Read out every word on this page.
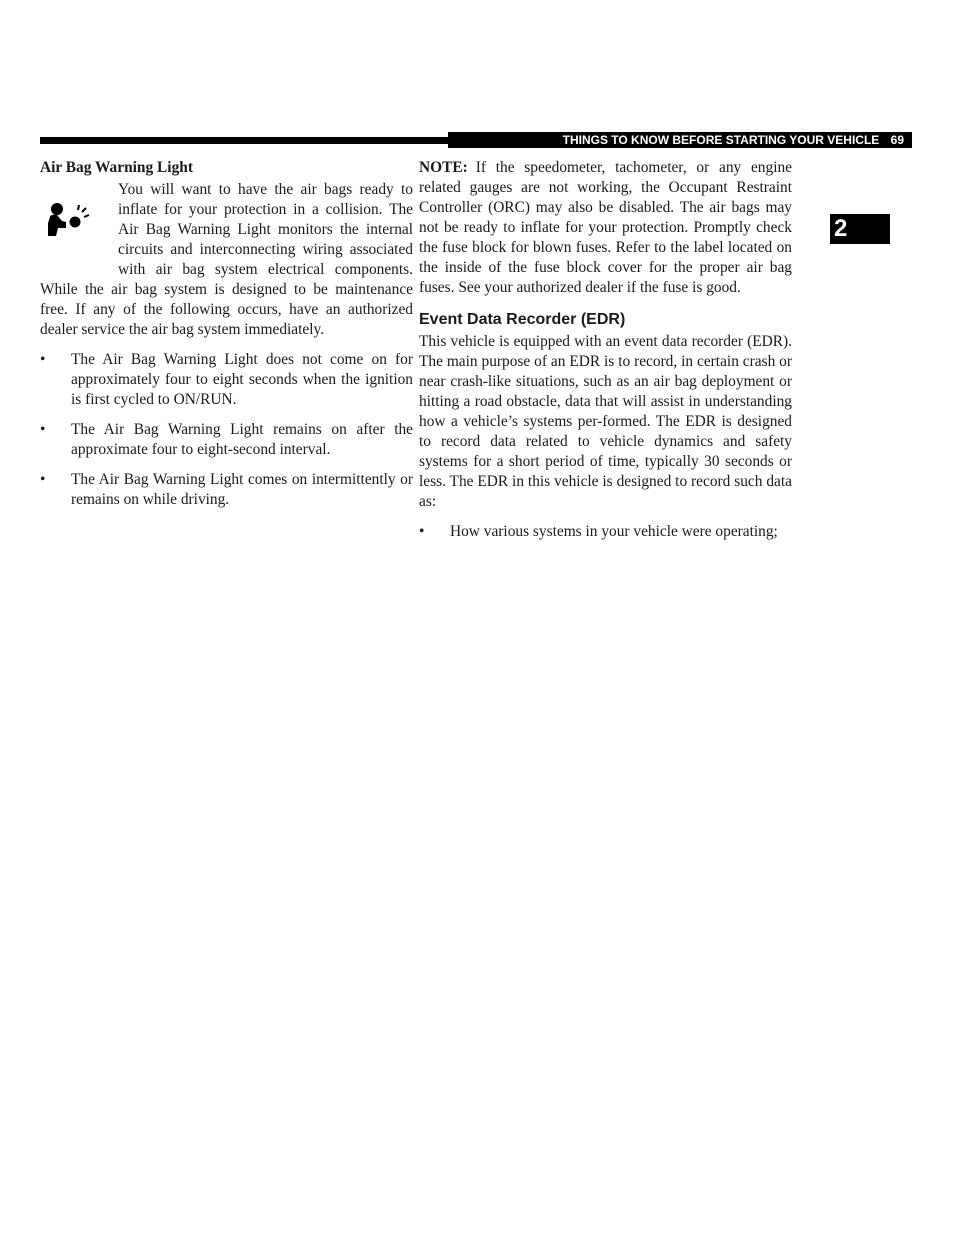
THINGS TO KNOW BEFORE STARTING YOUR VEHICLE 69
2

Air Bag Warning Light

You will want to have the air bags ready to inflate for your protection in a collision. The Air Bag Warning Light monitors the internal circuits and interconnecting wiring associated with air bag system electrical components. While the air bag system is designed to be maintenance free. If any of the following occurs, have an authorized dealer service the air bag system immediately.

•	The Air Bag Warning Light does not come on for approximately four to eight seconds when the ignition is first cycled to ON/RUN.
•	The Air Bag Warning Light remains on after the approximate four to eight-second interval.
•	The Air Bag Warning Light comes on intermittently or remains on while driving.

NOTE: If the speedometer, tachometer, or any engine related gauges are not working, the Occupant Restraint Controller (ORC) may also be disabled. The air bags may not be ready to inflate for your protection. Promptly check the fuse block for blown fuses. Refer to the label located on the inside of the fuse block cover for the proper air bag fuses. See your authorized dealer if the fuse is good.

Event Data Recorder (EDR)

This vehicle is equipped with an event data recorder (EDR). The main purpose of an EDR is to record, in certain crash or near crash-like situations, such as an air bag deployment or hitting a road obstacle, data that will assist in understanding how a vehicle’s systems per-formed. The EDR is designed to record data related to vehicle dynamics and safety systems for a short period of time, typically 30 seconds or less. The EDR in this vehicle is designed to record such data as:

•	How various systems in your vehicle were operating;
